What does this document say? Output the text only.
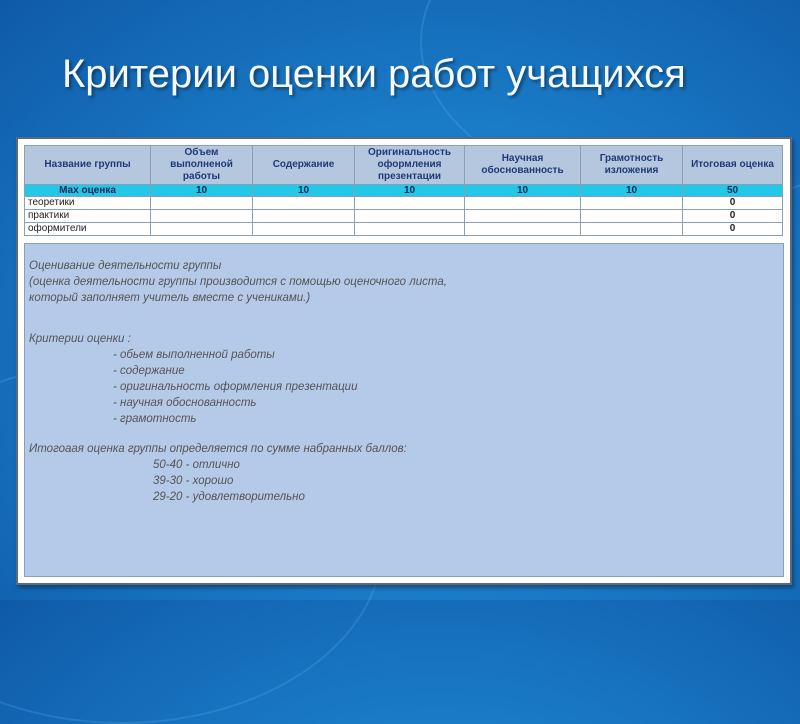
Критерии оценки работ учащихся
Название группы	Объем выполненой работы	Содержание	Оригинальность оформления презентации	Научная обоснованность	Грамотность изложения	Итоговая оценка
Мах оценка	10	10	10	10	10	50
теоретики						0
практики						0
оформители						0
Оценивание деятельности группы
(оценка деятельности группы производится с помощью оценочного листа,
который заполняет учитель вместе с учениками.)
Критерии оценки :
- обьем выполненной работы
- содержание
- оригинальность оформления презентации
- научная обоснованность
- грамотность
Итогоаая оценка группы определяется по сумме набранных баллов:
50-40 - отлично
39-30 - хорошо
29-20 - удовлетворительно
